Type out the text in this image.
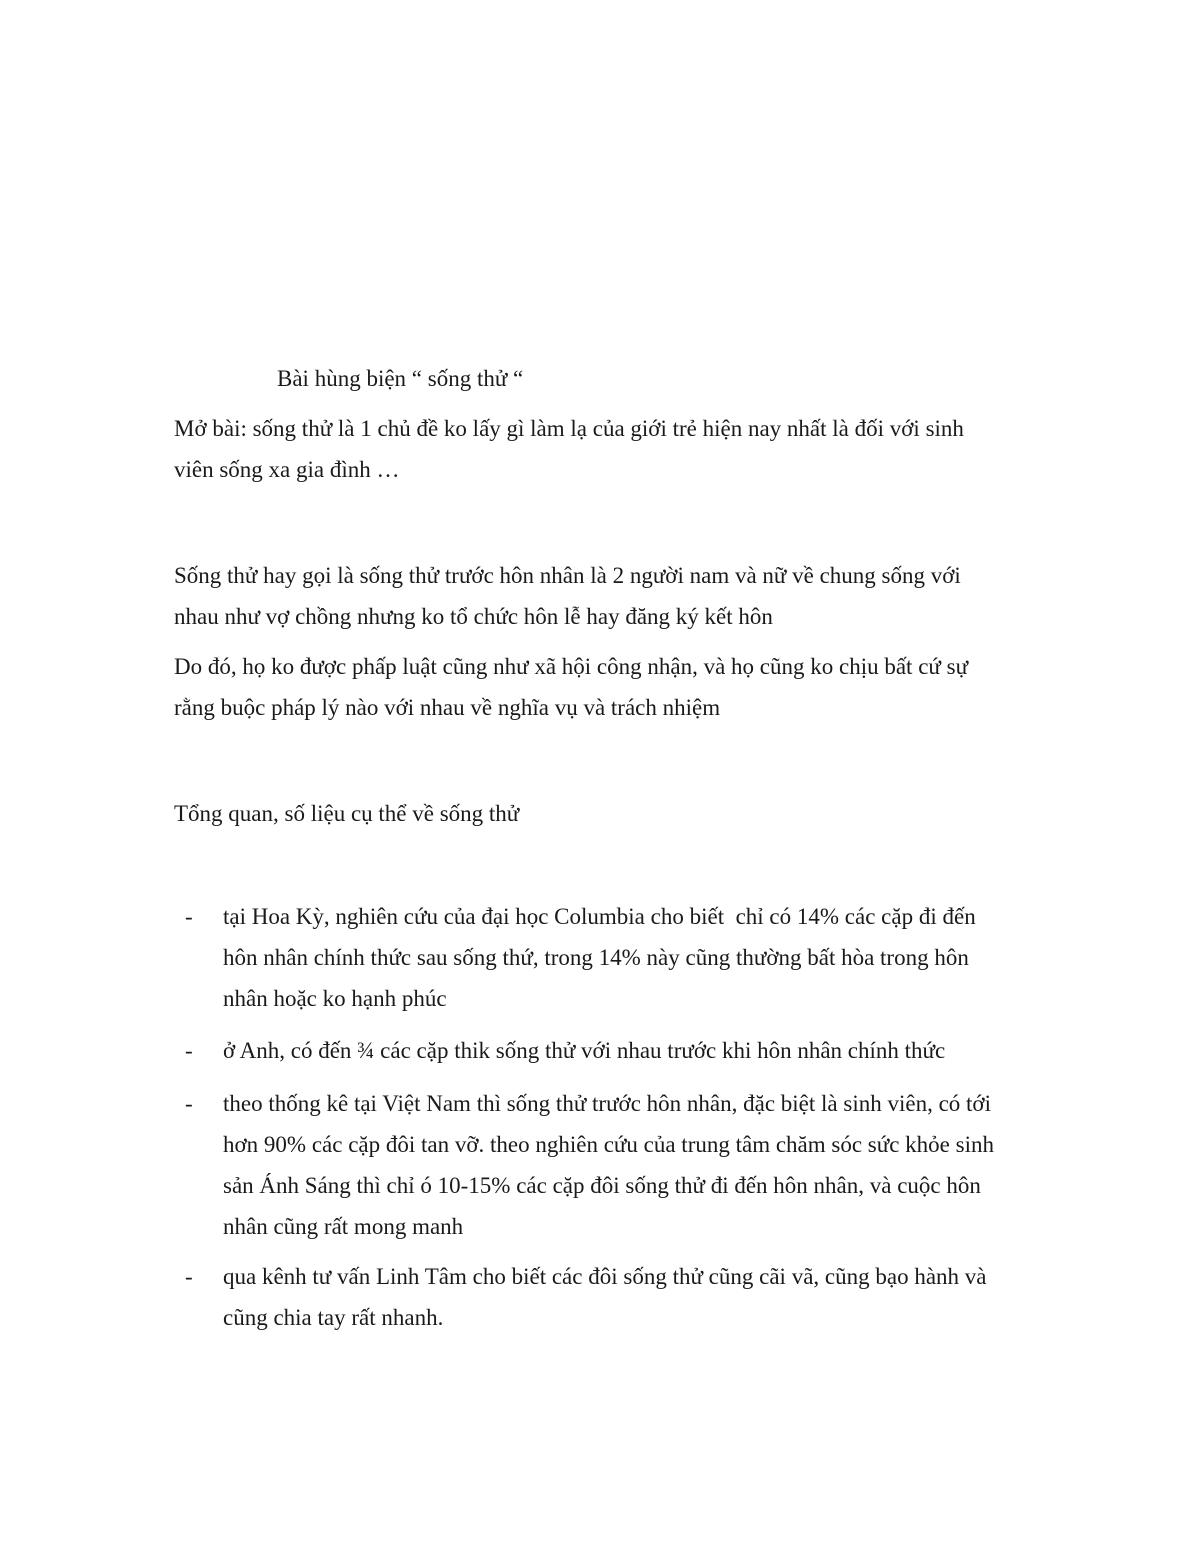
Bài hùng biện “ sống thử “

Mở bài: sống thử là 1 chủ đề ko lấy gì làm lạ của giới trẻ hiện nay nhất là đối với sinh
viên sống xa gia đình …

Sống thử hay gọi là sống thử trước hôn nhân là 2 người nam và nữ về chung sống với
nhau như vợ chồng nhưng ko tổ chức hôn lễ hay đăng ký kết hôn

Do đó, họ ko được phấp luật cũng như xã hội công nhận, và họ cũng ko chịu bất cứ sự
rằng buộc pháp lý nào với nhau về nghĩa vụ và trách nhiệm

Tổng quan, số liệu cụ thể về sống thử

- tại Hoa Kỳ, nghiên cứu của đại học Columbia cho biết  chỉ có 14% các cặp đi đến
hôn nhân chính thức sau sống thứ, trong 14% này cũng thường bất hòa trong hôn
nhân hoặc ko hạnh phúc
- ở Anh, có đến ¾ các cặp thik sống thử với nhau trước khi hôn nhân chính thức
- theo thống kê tại Việt Nam thì sống thử trước hôn nhân, đặc biệt là sinh viên, có tới
hơn 90% các cặp đôi tan vỡ. theo nghiên cứu của trung tâm chăm sóc sức khỏe sinh
sản Ánh Sáng thì chỉ ó 10-15% các cặp đôi sống thử đi đến hôn nhân, và cuộc hôn
nhân cũng rất mong manh
- qua kênh tư vấn Linh Tâm cho biết các đôi sống thử cũng cãi vã, cũng bạo hành và
cũng chia tay rất nhanh.
